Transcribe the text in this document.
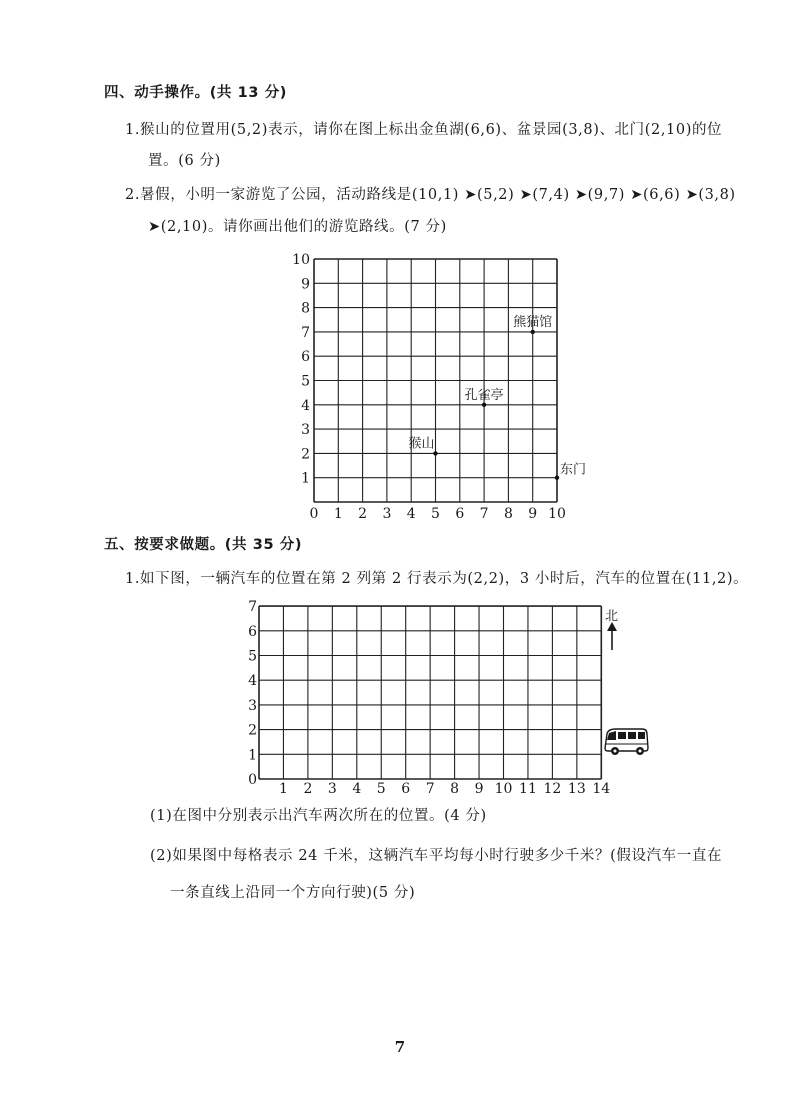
四、动手操作。(共 13 分)
1.猴山的位置用(5,2)表示，请你在图上标出金鱼湖(6,6)、盆景园(3,8)、北门(2,10)的位
置。(6 分)
2.暑假，小明一家游览了公园，活动路线是(10,1) ➤(5,2) ➤(7,4) ➤(9,7) ➤(6,6) ➤(3,8)
➤(2,10)。请你画出他们的游览路线。(7 分)
0 1 2 3 4 5 6 7 8 9 10
1
2
3
4
5
6
7
8
9
10
熊猫馆
孔雀亭
猴山
东门
五、按要求做题。(共 35 分)
1.如下图，一辆汽车的位置在第 2 列第 2 行表示为(2,2)，3 小时后，汽车的位置在(11,2)。
1 2 3 4 5 6 7 8 9 10 11 12 13 14
0
1
2
3
4
5
6
7
北
(1)在图中分别表示出汽车两次所在的位置。(4 分)
(2)如果图中每格表示 24 千米，这辆汽车平均每小时行驶多少千米？(假设汽车一直在
一条直线上沿同一个方向行驶)(5 分)
7
